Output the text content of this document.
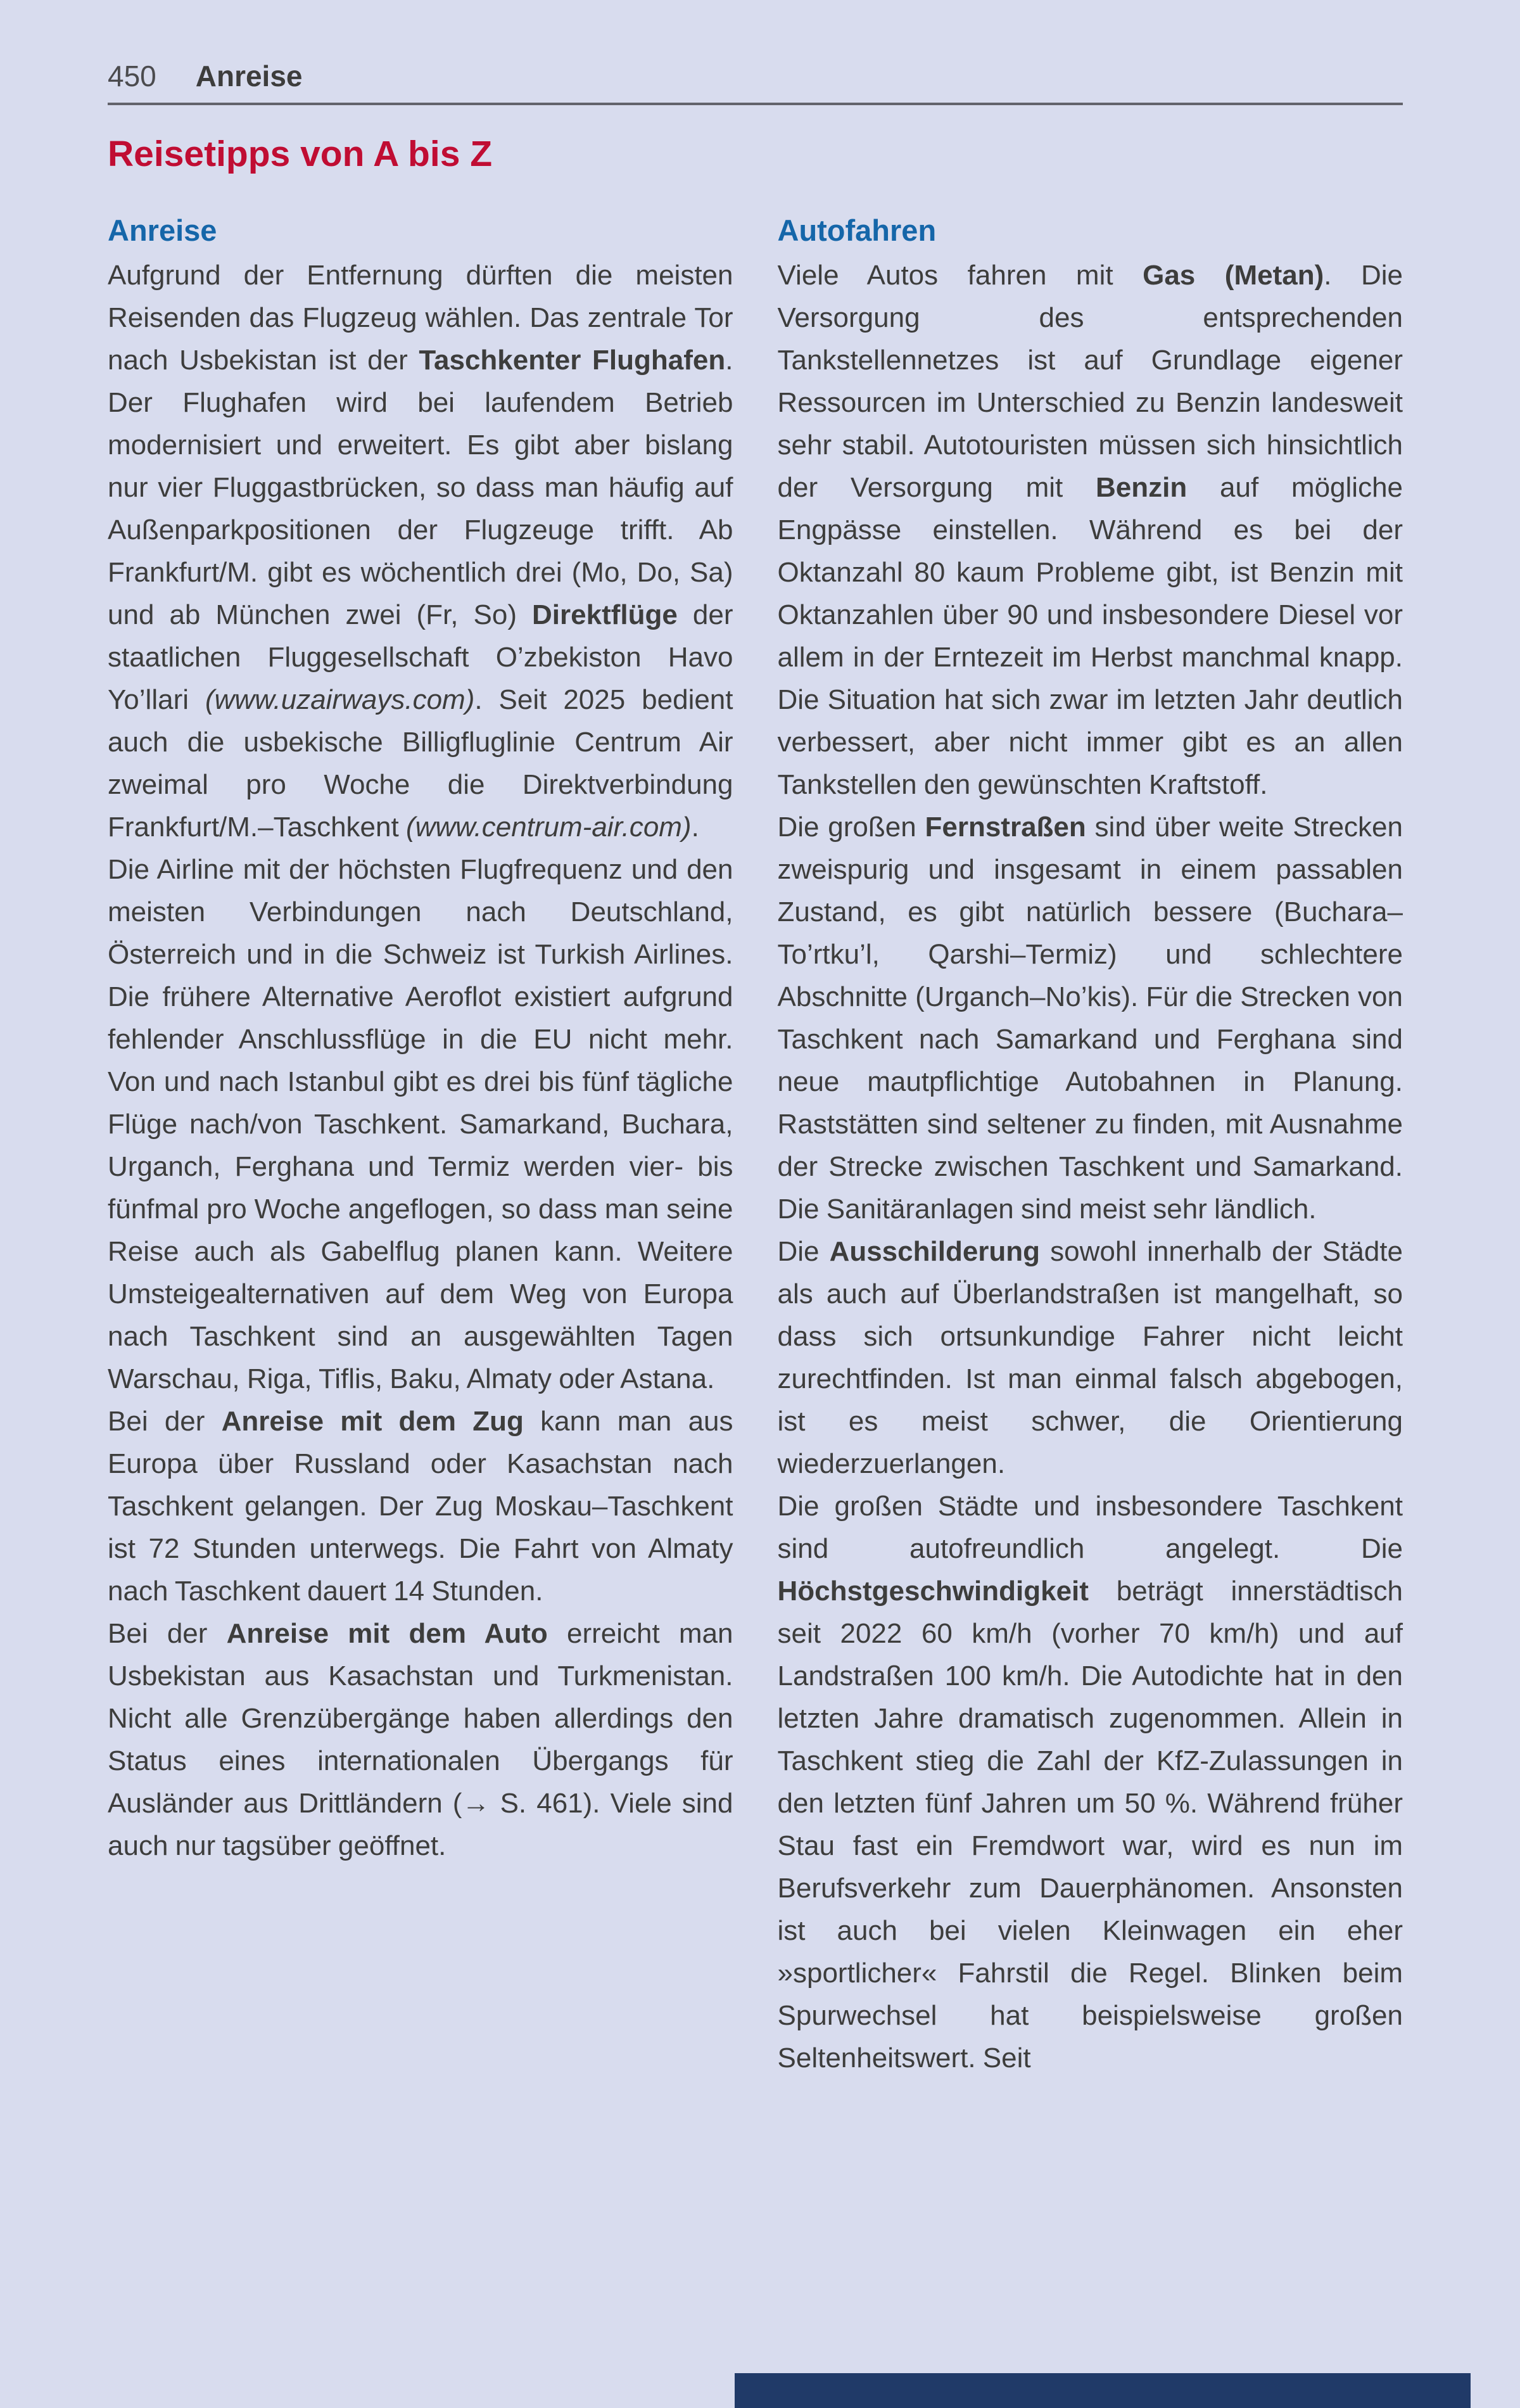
450 Anreise
Reisetipps von A bis Z
Anreise

Aufgrund der Entfernung dürften die meisten Reisenden das Flugzeug wählen. Das zentrale Tor nach Usbekistan ist der Taschkenter Flughafen. Der Flughafen wird bei laufendem Betrieb modernisiert und erweitert. Es gibt aber bislang nur vier Fluggastbrücken, so dass man häufig auf Außenparkpositionen der Flugzeuge trifft. Ab Frankfurt/M. gibt es wöchentlich drei (Mo, Do, Sa) und ab München zwei (Fr, So) Direktflüge der staatlichen Fluggesellschaft O’zbekiston Havo Yo’llari (www.uzairways.com). Seit 2025 bedient auch die usbekische Billigfluglinie Centrum Air zweimal pro Woche die Direktverbindung Frankfurt/M.–Taschkent (www.centrum-air.com).

Die Airline mit der höchsten Flugfrequenz und den meisten Verbindungen nach Deutschland, Österreich und in die Schweiz ist Turkish Airlines. Die frühere Alternative Aeroflot existiert aufgrund fehlender Anschlussflüge in die EU nicht mehr. Von und nach Istanbul gibt es drei bis fünf tägliche Flüge nach/von Taschkent. Samarkand, Buchara, Urganch, Ferghana und Termiz werden vier- bis fünfmal pro Woche angeflogen, so dass man seine Reise auch als Gabelflug planen kann. Weitere Umsteigealternativen auf dem Weg von Europa nach Taschkent sind an ausgewählten Tagen Warschau, Riga, Tiflis, Baku, Almaty oder Astana.

Bei der Anreise mit dem Zug kann man aus Europa über Russland oder Kasachstan nach Taschkent gelangen. Der Zug Moskau–Taschkent ist 72 Stunden unterwegs. Die Fahrt von Almaty nach Taschkent dauert 14 Stunden.

Bei der Anreise mit dem Auto erreicht man Usbekistan aus Kasachstan und Turkmenistan. Nicht alle Grenzübergänge haben allerdings den Status eines internationalen Übergangs für Ausländer aus Drittländern (→ S. 461). Viele sind auch nur tagsüber geöffnet.

Autofahren

Viele Autos fahren mit Gas (Metan). Die Versorgung des entsprechenden Tankstellennetzes ist auf Grundlage eigener Ressourcen im Unterschied zu Benzin landesweit sehr stabil. Autotouristen müssen sich hinsichtlich der Versorgung mit Benzin auf mögliche Engpässe einstellen. Während es bei der Oktanzahl 80 kaum Probleme gibt, ist Benzin mit Oktanzahlen über 90 und insbesondere Diesel vor allem in der Erntezeit im Herbst manchmal knapp. Die Situation hat sich zwar im letzten Jahr deutlich verbessert, aber nicht immer gibt es an allen Tankstellen den gewünschten Kraftstoff.

Die großen Fernstraßen sind über weite Strecken zweispurig und insgesamt in einem passablen Zustand, es gibt natürlich bessere (Buchara–To’rtku’l, Qarshi–Termiz) und schlechtere Abschnitte (Urganch–No’kis). Für die Strecken von Taschkent nach Samarkand und Ferghana sind neue mautpflichtige Autobahnen in Planung. Raststätten sind seltener zu finden, mit Ausnahme der Strecke zwischen Taschkent und Samarkand. Die Sanitäranlagen sind meist sehr ländlich.

Die Ausschilderung sowohl innerhalb der Städte als auch auf Überlandstraßen ist mangelhaft, so dass sich ortsunkundige Fahrer nicht leicht zurechtfinden. Ist man einmal falsch abgebogen, ist es meist schwer, die Orientierung wiederzuerlangen.

Die großen Städte und insbesondere Taschkent sind autofreundlich angelegt. Die Höchstgeschwindigkeit beträgt innerstädtisch seit 2022 60 km/h (vorher 70 km/h) und auf Landstraßen 100 km/h. Die Autodichte hat in den letzten Jahre dramatisch zugenommen. Allein in Taschkent stieg die Zahl der KfZ-Zulassungen in den letzten fünf Jahren um 50 %. Während früher Stau fast ein Fremdwort war, wird es nun im Berufsverkehr zum Dauerphänomen. Ansonsten ist auch bei vielen Kleinwagen ein eher »sportlicher« Fahrstil die Regel. Blinken beim Spurwechsel hat beispielsweise großen Seltenheitswert. Seit
